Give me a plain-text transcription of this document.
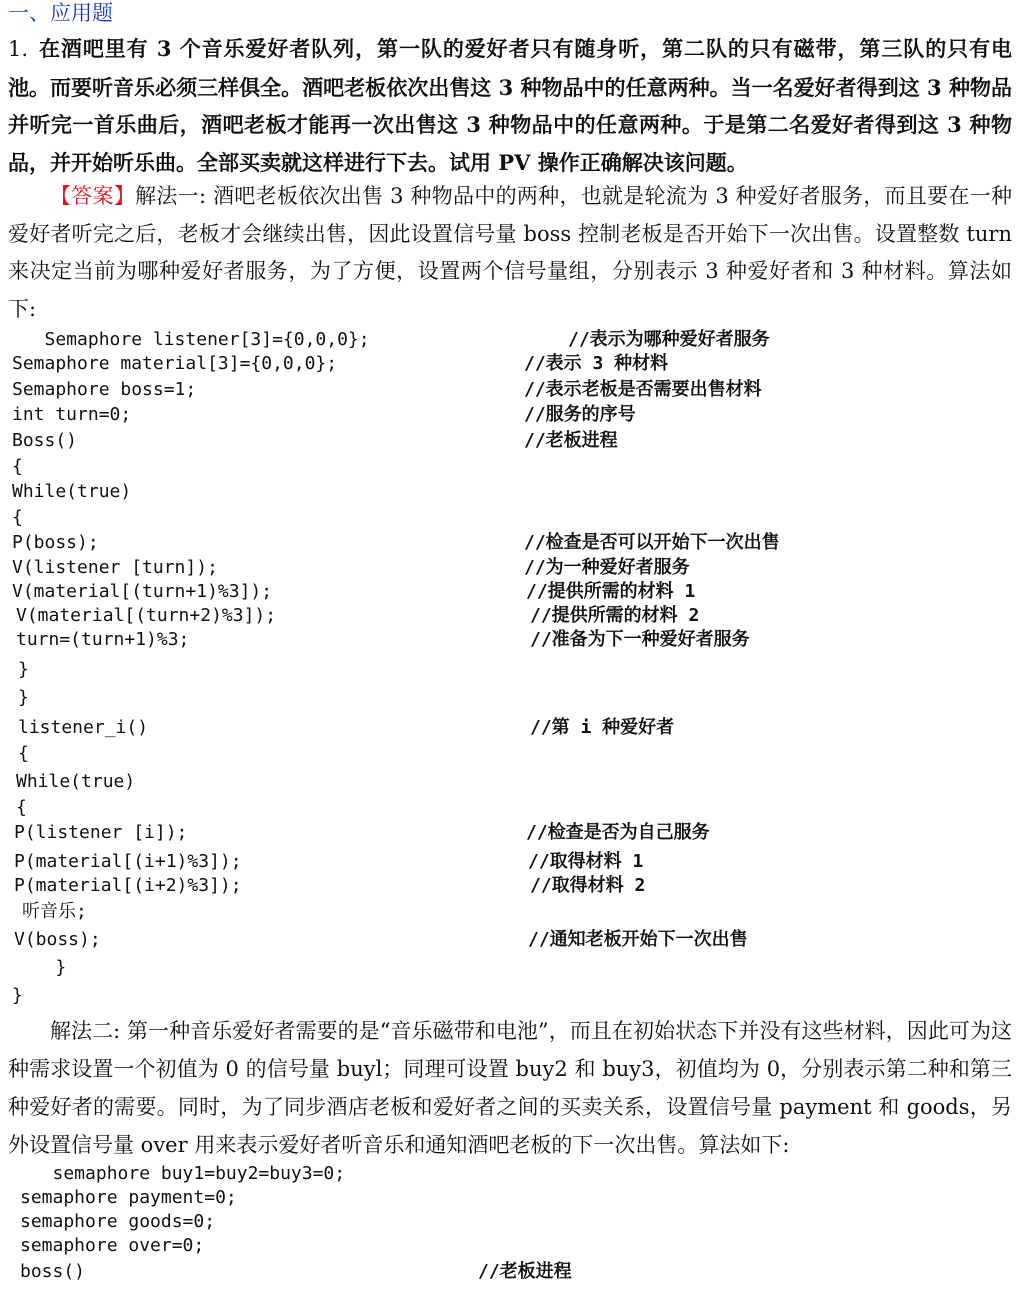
一、应用题
1. 在酒吧里有 3 个音乐爱好者队列，第一队的爱好者只有随身听，第二队的只有磁带，第三队的只有电池。而要听音乐必须三样俱全。酒吧老板依次出售这 3 种物品中的任意两种。当一名爱好者得到这 3 种物品并听完一首乐曲后，酒吧老板才能再一次出售这 3 种物品中的任意两种。于是第二名爱好者得到这 3 种物品，并开始听乐曲。全部买卖就这样进行下去。试用 PV 操作正确解决该问题。
【答案】解法一: 酒吧老板依次出售 3 种物品中的两种，也就是轮流为 3 种爱好者服务，而且要在一种爱好者听完之后，老板才会继续出售，因此设置信号量 boss 控制老板是否开始下一次出售。设置整数 turn 来决定当前为哪种爱好者服务，为了方便，设置两个信号量组，分别表示 3 种爱好者和 3 种材料。算法如下:
Semaphore listener[3]={0,0,0};	//表示为哪种爱好者服务
Semaphore material[3]={0,0,0};	//表示 3 种材料
Semaphore boss=1;	//表示老板是否需要出售材料
int turn=0;	//服务的序号
Boss()	//老板进程
{
While(true)
{
P(boss);	//检查是否可以开始下一次出售
V(listener [turn]);	//为一种爱好者服务
V(material[(turn+1)%3]);	//提供所需的材料 1
V(material[(turn+2)%3]);	//提供所需的材料 2
turn=(turn+1)%3;	//准备为下一种爱好者服务
}
}
listener_i()	//第 i 种爱好者
{
While(true)
{
P(listener [i]);	//检查是否为自己服务
P(material[(i+1)%3]);	//取得材料 1
P(material[(i+2)%3]);	//取得材料 2
听音乐;
V(boss);	//通知老板开始下一次出售
}
}
解法二: 第一种音乐爱好者需要的是“音乐磁带和电池”，而且在初始状态下并没有这些材料，因此可为这种需求设置一个初值为 0 的信号量 buyl；同理可设置 buy2 和 buy3，初值均为 0，分别表示第二种和第三种爱好者的需要。同时，为了同步酒店老板和爱好者之间的买卖关系，设置信号量 payment 和 goods，另外设置信号量 over 用来表示爱好者听音乐和通知酒吧老板的下一次出售。算法如下:
semaphore buy1=buy2=buy3=0;
semaphore payment=0;
semaphore goods=0;
semaphore over=0;
boss()	//老板进程
